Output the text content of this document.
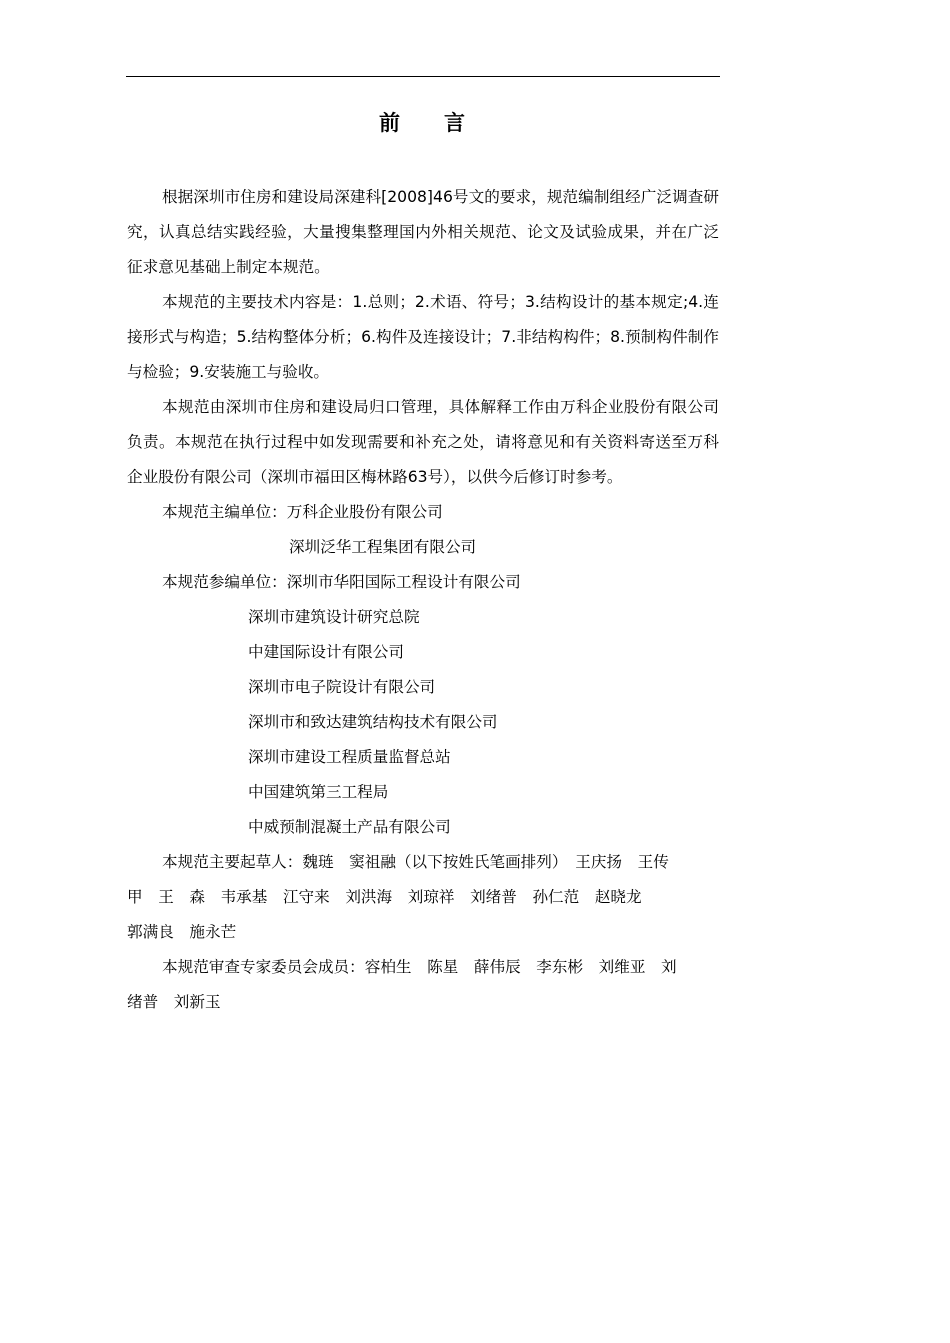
前 言

根据深圳市住房和建设局深建科[2008]46号文的要求，规范编制组经广泛调查研究，认真总结实践经验，大量搜集整理国内外相关规范、论文及试验成果，并在广泛征求意见基础上制定本规范。

本规范的主要技术内容是：1.总则；2.术语、符号；3.结构设计的基本规定;4.连接形式与构造；5.结构整体分析；6.构件及连接设计；7.非结构构件；8.预制构件制作与检验；9.安装施工与验收。

本规范由深圳市住房和建设局归口管理，具体解释工作由万科企业股份有限公司负责。本规范在执行过程中如发现需要和补充之处，请将意见和有关资料寄送至万科企业股份有限公司（深圳市福田区梅林路63号），以供今后修订时参考。

本规范主编单位：万科企业股份有限公司

深圳泛华工程集团有限公司

本规范参编单位：深圳市华阳国际工程设计有限公司

深圳市建筑设计研究总院

中建国际设计有限公司

深圳市电子院设计有限公司

深圳市和致达建筑结构技术有限公司

深圳市建设工程质量监督总站

中国建筑第三工程局

中威预制混凝土产品有限公司

本规范主要起草人：魏琏　窦祖融（以下按姓氏笔画排列）　王庆扬　王传

甲　王　森　韦承基　江守来　刘洪海　刘琼祥　刘绪普　孙仁范　赵晓龙

郭满良　施永芒

本规范审查专家委员会成员：容柏生　陈星　薛伟辰　李东彬　刘维亚　刘

绪普　刘新玉
